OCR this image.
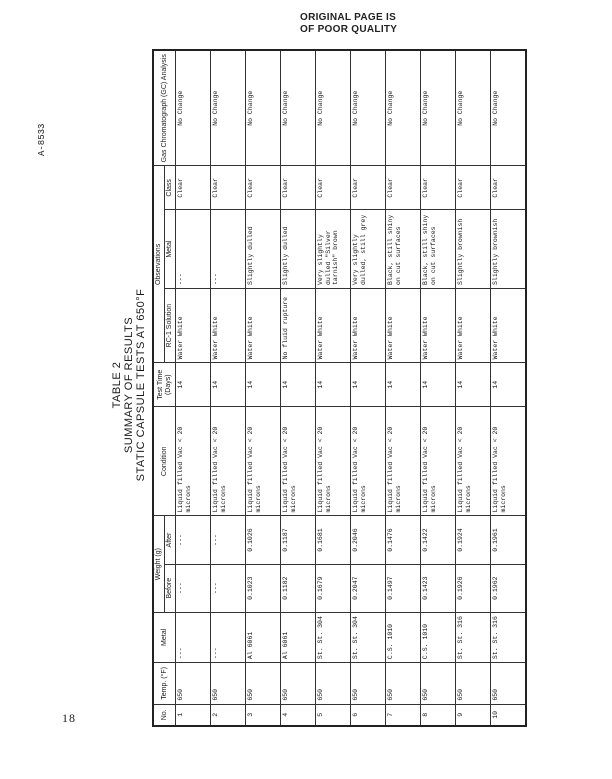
ORIGINAL PAGE IS
OF POOR QUALITY
18
A-8533
TABLE 2 SUMMARY OF RESULTS STATIC CAPSULE TESTS AT 650°F
No.	Temp. (°F)	Metal	Weight (g)		Condition	Test Time (Days)	Observations			Gas Chromatograph (GC) Analysis
			Before	After			RC-1 Solution	Metal	Class	
1	650	---	---	---	Liquid filled Vac < 20 microns	14	Water White	---	Clear	No Change
2	650	---	---	---	Liquid filled Vac < 20 microns	14	Water White	---	Clear	No Change
3	650	Al 6061	0.1023	0.1026	Liquid filled Vac < 20 microns	14	Water White	Slightly dulled	Clear	No Change
4	650	Al 6061	0.1182	0.1187	Liquid filled Vac < 20 microns	14	No fluid rupture	Slightly dulled	Clear	No Change
5	650	St. St. 304	0.1679	0.1681	Liquid filled Vac < 20 microns	14	Water White	Very slightly dulled "Silver tarnish" brown	Clear	No Change
6	650	St. St. 304	0.2047	0.2046	Liquid filled Vac < 20 microns	14	Water White	Very slightly dulled, still grey	Clear	No Change
7	650	C.S. 1010	0.1497	0.1476	Liquid filled Vac < 20 microns	14	Water White	Black, still shiny on cut surfaces	Clear	No Change
8	650	C.S. 1010	0.1423	0.1422	Liquid filled Vac < 20 microns	14	Water White	Black, still shiny on cut surfaces	Clear	No Change
9	650	St. St. 316	0.1926	0.1924	Liquid filled Vac < 20 microns	14	Water White	Slightly brownish	Clear	No Change
10	650	St. St. 316	0.1962	0.1961	Liquid filled Vac < 20 microns	14	Water White	Slightly brownish	Clear	No Change
